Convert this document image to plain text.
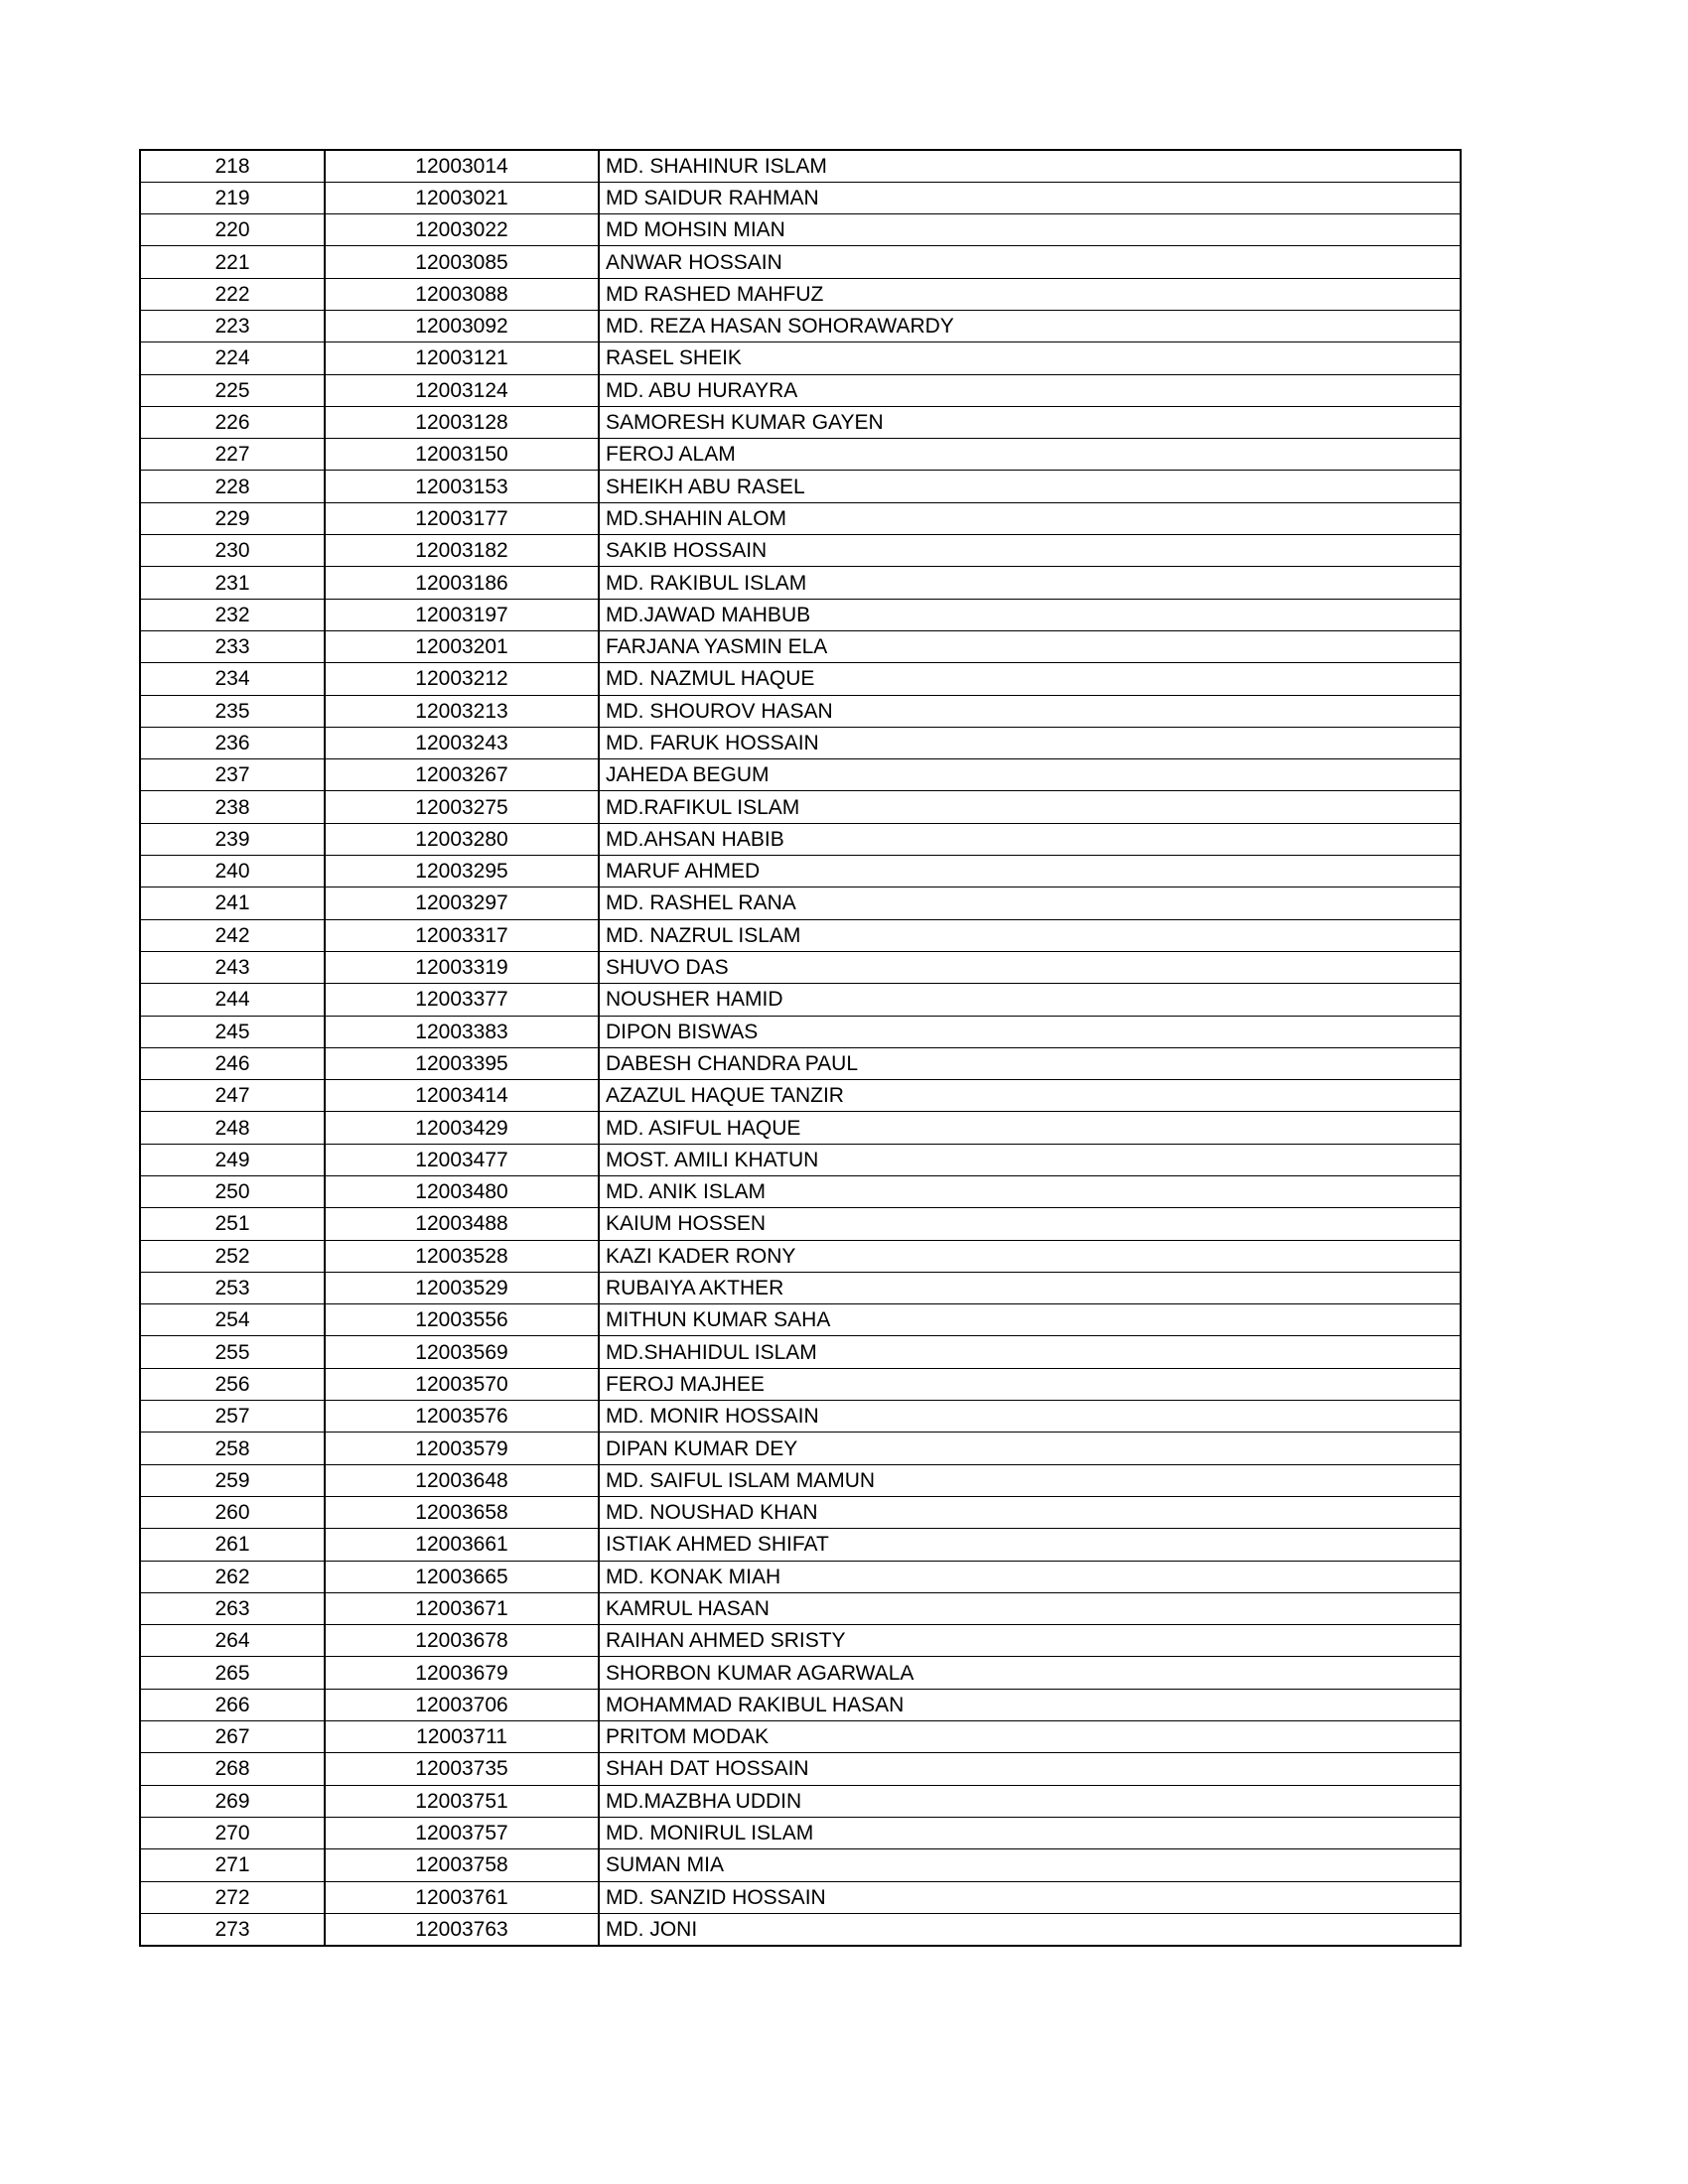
218	12003014	MD. SHAHINUR ISLAM
219	12003021	MD SAIDUR RAHMAN
220	12003022	MD MOHSIN MIAN
221	12003085	ANWAR HOSSAIN
222	12003088	MD RASHED MAHFUZ
223	12003092	MD. REZA HASAN SOHORAWARDY
224	12003121	RASEL SHEIK
225	12003124	MD. ABU HURAYRA
226	12003128	SAMORESH KUMAR GAYEN
227	12003150	FEROJ ALAM
228	12003153	SHEIKH ABU RASEL
229	12003177	MD.SHAHIN ALOM
230	12003182	SAKIB HOSSAIN
231	12003186	MD. RAKIBUL ISLAM
232	12003197	MD.JAWAD MAHBUB
233	12003201	FARJANA YASMIN ELA
234	12003212	MD. NAZMUL HAQUE
235	12003213	MD. SHOUROV HASAN
236	12003243	MD. FARUK HOSSAIN
237	12003267	JAHEDA BEGUM
238	12003275	MD.RAFIKUL ISLAM
239	12003280	MD.AHSAN HABIB
240	12003295	MARUF AHMED
241	12003297	MD. RASHEL RANA
242	12003317	MD. NAZRUL ISLAM
243	12003319	SHUVO DAS
244	12003377	NOUSHER HAMID
245	12003383	DIPON BISWAS
246	12003395	DABESH CHANDRA PAUL
247	12003414	AZAZUL HAQUE TANZIR
248	12003429	MD. ASIFUL HAQUE
249	12003477	MOST. AMILI KHATUN
250	12003480	MD. ANIK ISLAM
251	12003488	KAIUM HOSSEN
252	12003528	KAZI KADER RONY
253	12003529	RUBAIYA AKTHER
254	12003556	MITHUN KUMAR SAHA
255	12003569	MD.SHAHIDUL ISLAM
256	12003570	FEROJ MAJHEE
257	12003576	MD. MONIR HOSSAIN
258	12003579	DIPAN KUMAR DEY
259	12003648	MD. SAIFUL ISLAM MAMUN
260	12003658	MD. NOUSHAD KHAN
261	12003661	ISTIAK AHMED SHIFAT
262	12003665	MD. KONAK MIAH
263	12003671	KAMRUL HASAN
264	12003678	RAIHAN AHMED SRISTY
265	12003679	SHORBON KUMAR AGARWALA
266	12003706	MOHAMMAD RAKIBUL HASAN
267	12003711	PRITOM MODAK
268	12003735	SHAH DAT HOSSAIN
269	12003751	MD.MAZBHA UDDIN
270	12003757	MD. MONIRUL ISLAM
271	12003758	SUMAN MIA
272	12003761	MD. SANZID HOSSAIN
273	12003763	MD. JONI
